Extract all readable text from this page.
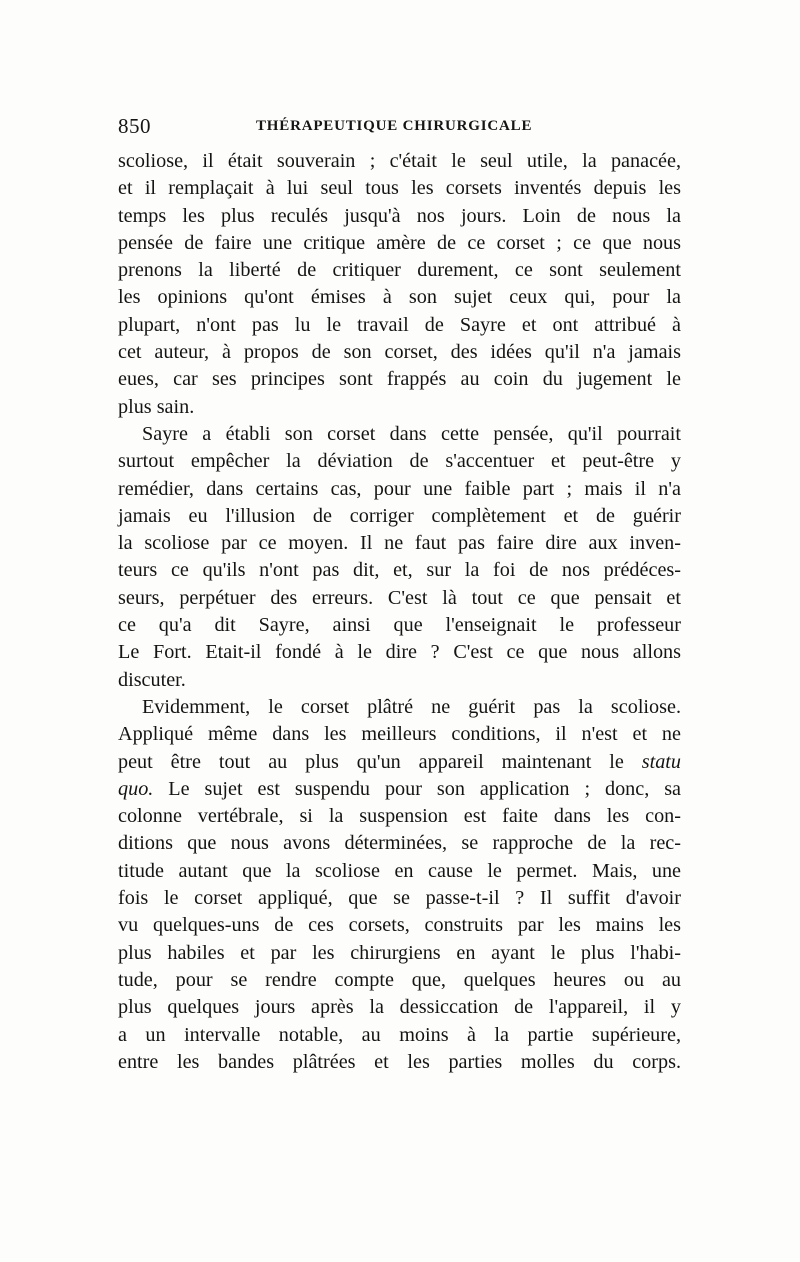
850	THÉRAPEUTIQUE CHIRURGICALE
scoliose, il était souverain ; c'était le seul utile, la panacée,
et il remplaçait à lui seul tous les corsets inventés depuis les
temps les plus reculés jusqu'à nos jours. Loin de nous la
pensée de faire une critique amère de ce corset ; ce que nous
prenons la liberté de critiquer durement, ce sont seulement
les opinions qu'ont émises à son sujet ceux qui, pour la
plupart, n'ont pas lu le travail de Sayre et ont attribué à
cet auteur, à propos de son corset, des idées qu'il n'a jamais
eues, car ses principes sont frappés au coin du jugement le
plus sain.
Sayre a établi son corset dans cette pensée, qu'il pourrait
surtout empêcher la déviation de s'accentuer et peut-être y
remédier, dans certains cas, pour une faible part ; mais il n'a
jamais eu l'illusion de corriger complètement et de guérir
la scoliose par ce moyen. Il ne faut pas faire dire aux inven-
teurs ce qu'ils n'ont pas dit, et, sur la foi de nos prédéces-
seurs, perpétuer des erreurs. C'est là tout ce que pensait et
ce qu'a dit Sayre, ainsi que l'enseignait le professeur
Le Fort. Etait-il fondé à le dire ? C'est ce que nous allons
discuter.
Evidemment, le corset plâtré ne guérit pas la scoliose.
Appliqué même dans les meilleurs conditions, il n'est et ne
peut être tout au plus qu'un appareil maintenant le statu
quo. Le sujet est suspendu pour son application ; donc, sa
colonne vertébrale, si la suspension est faite dans les con-
ditions que nous avons déterminées, se rapproche de la rec-
titude autant que la scoliose en cause le permet. Mais, une
fois le corset appliqué, que se passe-t-il ? Il suffit d'avoir
vu quelques-uns de ces corsets, construits par les mains les
plus habiles et par les chirurgiens en ayant le plus l'habi-
tude, pour se rendre compte que, quelques heures ou au
plus quelques jours après la dessiccation de l'appareil, il y
a un intervalle notable, au moins à la partie supérieure,
entre les bandes plâtrées et les parties molles du corps.
